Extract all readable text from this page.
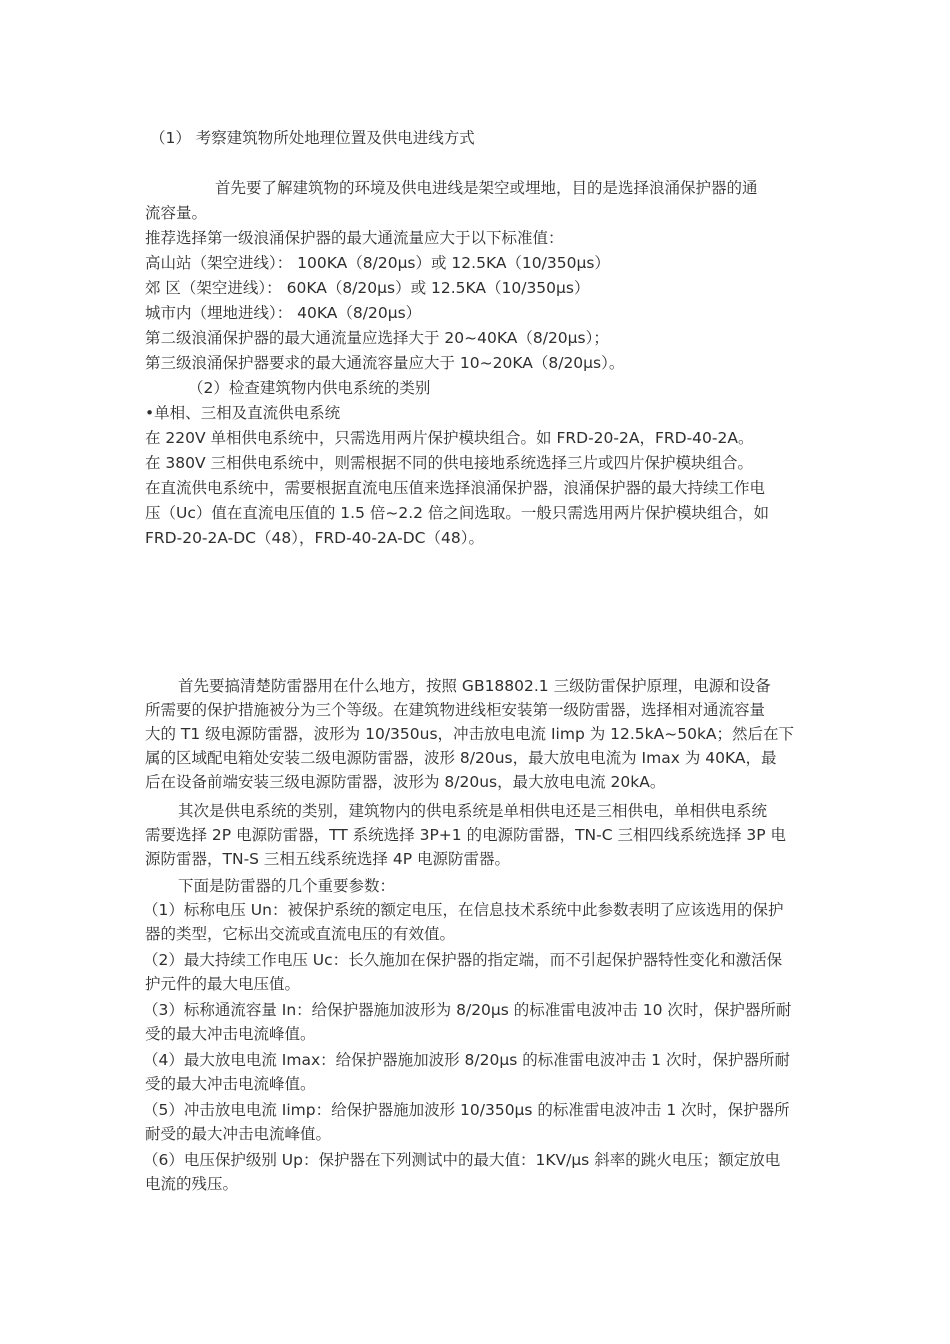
（1） 考察建筑物所处地理位置及供电进线方式

首先要了解建筑物的环境及供电进线是架空或埋地，目的是选择浪涌保护器的通

流容量。

推荐选择第一级浪涌保护器的最大通流量应大于以下标准值：

高山站（架空进线）： 100KA（8/20μs）或 12.5KA（10/350μs）

郊 区（架空进线）： 60KA（8/20μs）或 12.5KA（10/350μs）

城市内（埋地进线）： 40KA（8/20μs）

第二级浪涌保护器的最大通流量应选择大于 20~40KA（8/20μs）；

第三级浪涌保护器要求的最大通流容量应大于 10~20KA（8/20μs）。

（2）检查建筑物内供电系统的类别

•单相、三相及直流供电系统

在 220V 单相供电系统中，只需选用两片保护模块组合。如 FRD-20-2A，FRD-40-2A。

在 380V 三相供电系统中，则需根据不同的供电接地系统选择三片或四片保护模块组合。

在直流供电系统中，需要根据直流电压值来选择浪涌保护器，浪涌保护器的最大持续工作电

压（Uc）值在直流电压值的 1.5 倍~2.2 倍之间选取。一般只需选用两片保护模块组合，如

FRD-20-2A-DC（48），FRD-40-2A-DC（48）。

首先要搞清楚防雷器用在什么地方，按照 GB18802.1 三级防雷保护原理，电源和设备

所需要的保护措施被分为三个等级。在建筑物进线柜安装第一级防雷器，选择相对通流容量

大的 T1 级电源防雷器，波形为 10/350us，冲击放电电流 Iimp 为 12.5kA~50kA；然后在下

属的区域配电箱处安装二级电源防雷器，波形 8/20us，最大放电电流为 Imax 为 40KA，最

后在设备前端安装三级电源防雷器，波形为 8/20us，最大放电电流 20kA。

其次是供电系统的类别，建筑物内的供电系统是单相供电还是三相供电，单相供电系统

需要选择 2P 电源防雷器，TT 系统选择 3P+1 的电源防雷器，TN-C 三相四线系统选择 3P 电

源防雷器，TN-S 三相五线系统选择 4P 电源防雷器。

下面是防雷器的几个重要参数：

（1）标称电压 Un：被保护系统的额定电压，在信息技术系统中此参数表明了应该选用的保护

器的类型，它标出交流或直流电压的有效值。

（2）最大持续工作电压 Uc：长久施加在保护器的指定端，而不引起保护器特性变化和激活保

护元件的最大电压值。

（3）标称通流容量 In：给保护器施加波形为 8/20μs 的标准雷电波冲击 10 次时，保护器所耐

受的最大冲击电流峰值。

（4）最大放电电流 Imax：给保护器施加波形 8/20μs 的标准雷电波冲击 1 次时，保护器所耐

受的最大冲击电流峰值。

（5）冲击放电电流 Iimp：给保护器施加波形 10/350μs 的标准雷电波冲击 1 次时，保护器所

耐受的最大冲击电流峰值。

（6）电压保护级别 Up：保护器在下列测试中的最大值：1KV/μs 斜率的跳火电压；额定放电

电流的残压。
